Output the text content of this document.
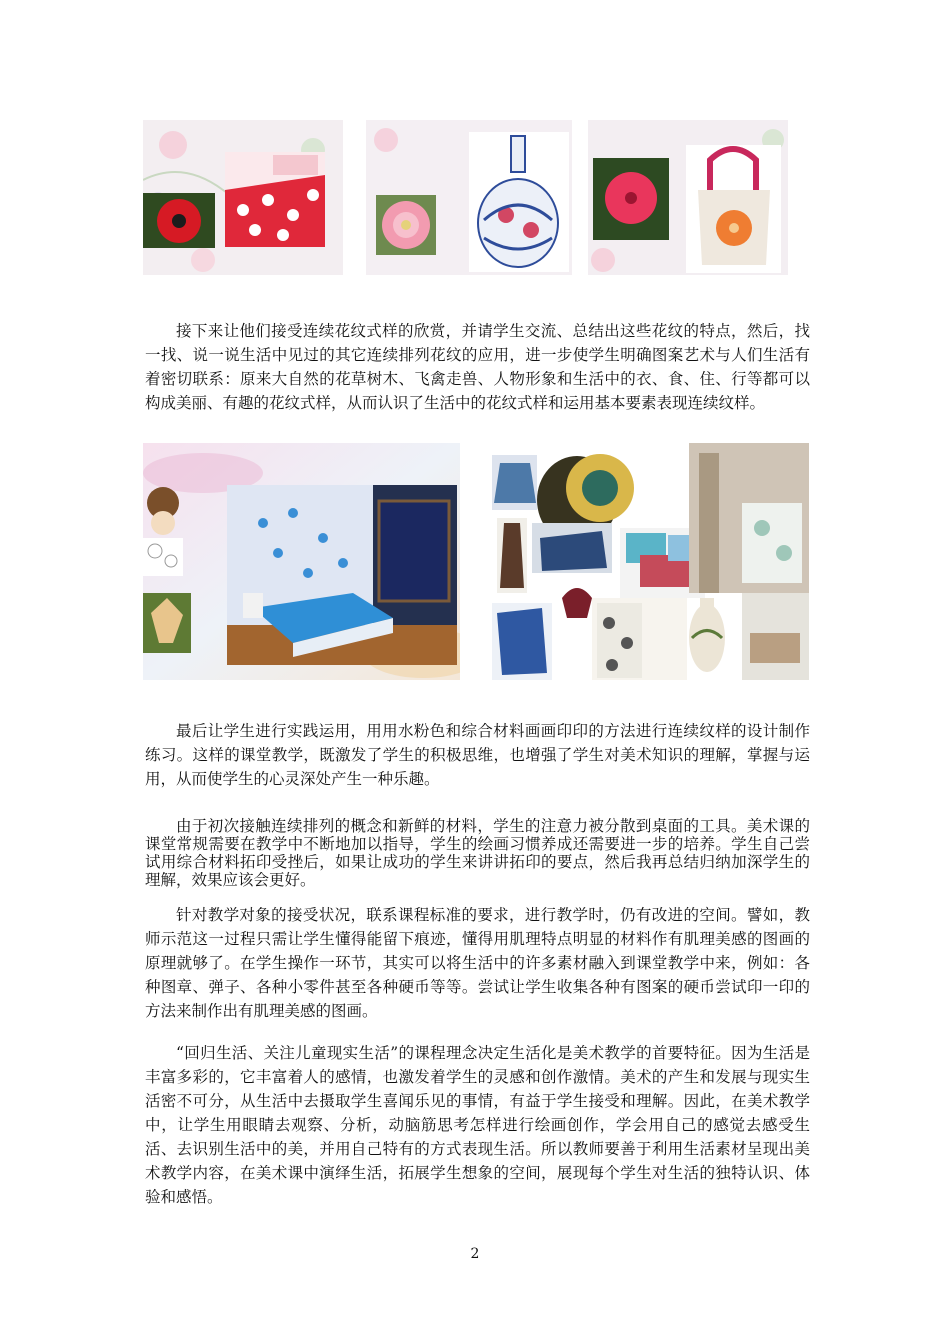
接下来让他们接受连续花纹式样的欣赏，并请学生交流、总结出这些花纹的特点，然后，找一找、说一说生活中见过的其它连续排列花纹的应用，进一步使学生明确图案艺术与人们生活有着密切联系：原来大自然的花草树木、飞禽走兽、人物形象和生活中的衣、食、住、行等都可以构成美丽、有趣的花纹式样，从而认识了生活中的花纹式样和运用基本要素表现连续纹样。
最后让学生进行实践运用，用用水粉色和综合材料画画印印的方法进行连续纹样的设计制作练习。这样的课堂教学，既激发了学生的积极思维，也增强了学生对美术知识的理解，掌握与运用，从而使学生的心灵深处产生一种乐趣。
由于初次接触连续排列的概念和新鲜的材料，学生的注意力被分散到桌面的工具。美术课的课堂常规需要在教学中不断地加以指导，学生的绘画习惯养成还需要进一步的培养。学生自己尝试用综合材料拓印受挫后，如果让成功的学生来讲讲拓印的要点，然后我再总结归纳加深学生的理解，效果应该会更好。
针对教学对象的接受状况，联系课程标准的要求，进行教学时，仍有改进的空间。譬如，教师示范这一过程只需让学生懂得能留下痕迹，懂得用肌理特点明显的材料作有肌理美感的图画的原理就够了。在学生操作一环节，其实可以将生活中的许多素材融入到课堂教学中来，例如：各种图章、弹子、各种小零件甚至各种硬币等等。尝试让学生收集各种有图案的硬币尝试印一印的方法来制作出有肌理美感的图画。
“回归生活、关注儿童现实生活”的课程理念决定生活化是美术教学的首要特征。因为生活是丰富多彩的，它丰富着人的感情，也激发着学生的灵感和创作激情。美术的产生和发展与现实生活密不可分，从生活中去摄取学生喜闻乐见的事情，有益于学生接受和理解。因此，在美术教学中，让学生用眼睛去观察、分析，动脑筋思考怎样进行绘画创作，学会用自己的感觉去感受生活、去识别生活中的美，并用自己特有的方式表现生活。所以教师要善于利用生活素材呈现出美术教学内容，在美术课中演绎生活，拓展学生想象的空间，展现每个学生对生活的独特认识、体验和感悟。
2
